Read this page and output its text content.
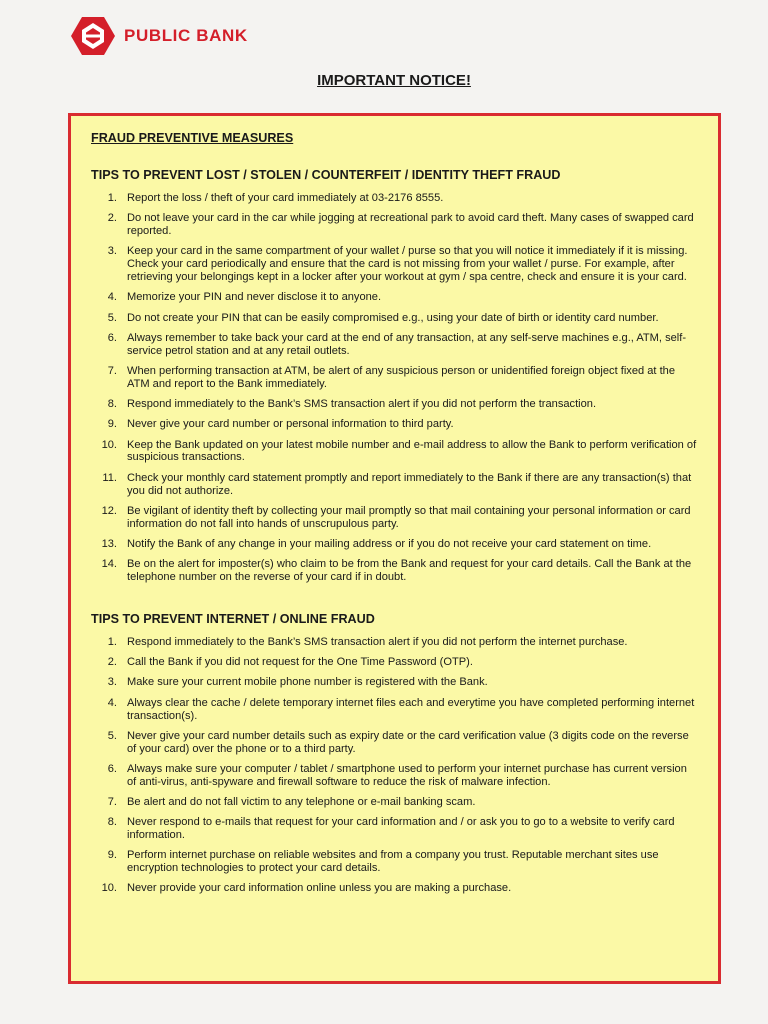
PUBLIC BANK
IMPORTANT NOTICE!

FRAUD PREVENTIVE MEASURES

TIPS TO PREVENT LOST / STOLEN / COUNTERFEIT / IDENTITY THEFT FRAUD

1. Report the loss / theft of your card immediately at 03-2176 8555.
2. Do not leave your card in the car while jogging at recreational park to avoid card theft. Many cases of swapped card reported.
3. Keep your card in the same compartment of your wallet / purse so that you will notice it immediately if it is missing. Check your card periodically and ensure that the card is not missing from your wallet / purse. For example, after retrieving your belongings kept in a locker after your workout at gym / spa centre, check and ensure it is your card.
4. Memorize your PIN and never disclose it to anyone.
5. Do not create your PIN that can be easily compromised e.g., using your date of birth or identity card number.
6. Always remember to take back your card at the end of any transaction, at any self-serve machines e.g., ATM, self-service petrol station and at any retail outlets.
7. When performing transaction at ATM, be alert of any suspicious person or unidentified foreign object fixed at the ATM and report to the Bank immediately.
8. Respond immediately to the Bank’s SMS transaction alert if you did not perform the transaction.
9. Never give your card number or personal information to third party.
10. Keep the Bank updated on your latest mobile number and e-mail address to allow the Bank to perform verification of suspicious transactions.
11. Check your monthly card statement promptly and report immediately to the Bank if there are any transaction(s) that you did not authorize.
12. Be vigilant of identity theft by collecting your mail promptly so that mail containing your personal information or card information do not fall into hands of unscrupulous party.
13. Notify the Bank of any change in your mailing address or if you do not receive your card statement on time.
14. Be on the alert for imposter(s) who claim to be from the Bank and request for your card details. Call the Bank at the telephone number on the reverse of your card if in doubt.

TIPS TO PREVENT INTERNET / ONLINE FRAUD

1. Respond immediately to the Bank’s SMS transaction alert if you did not perform the internet purchase.
2. Call the Bank if you did not request for the One Time Password (OTP).
3. Make sure your current mobile phone number is registered with the Bank.
4. Always clear the cache / delete temporary internet files each and everytime you have completed performing internet transaction(s).
5. Never give your card number details such as expiry date or the card verification value (3 digits code on the reverse of your card) over the phone or to a third party.
6. Always make sure your computer / tablet / smartphone used to perform your internet purchase has current version of anti-virus, anti-spyware and firewall software to reduce the risk of malware infection.
7. Be alert and do not fall victim to any telephone or e-mail banking scam.
8. Never respond to e-mails that request for your card information and / or ask you to go to a website to verify card information.
9. Perform internet purchase on reliable websites and from a company you trust. Reputable merchant sites use encryption technologies to protect your card details.
10. Never provide your card information online unless you are making a purchase.
